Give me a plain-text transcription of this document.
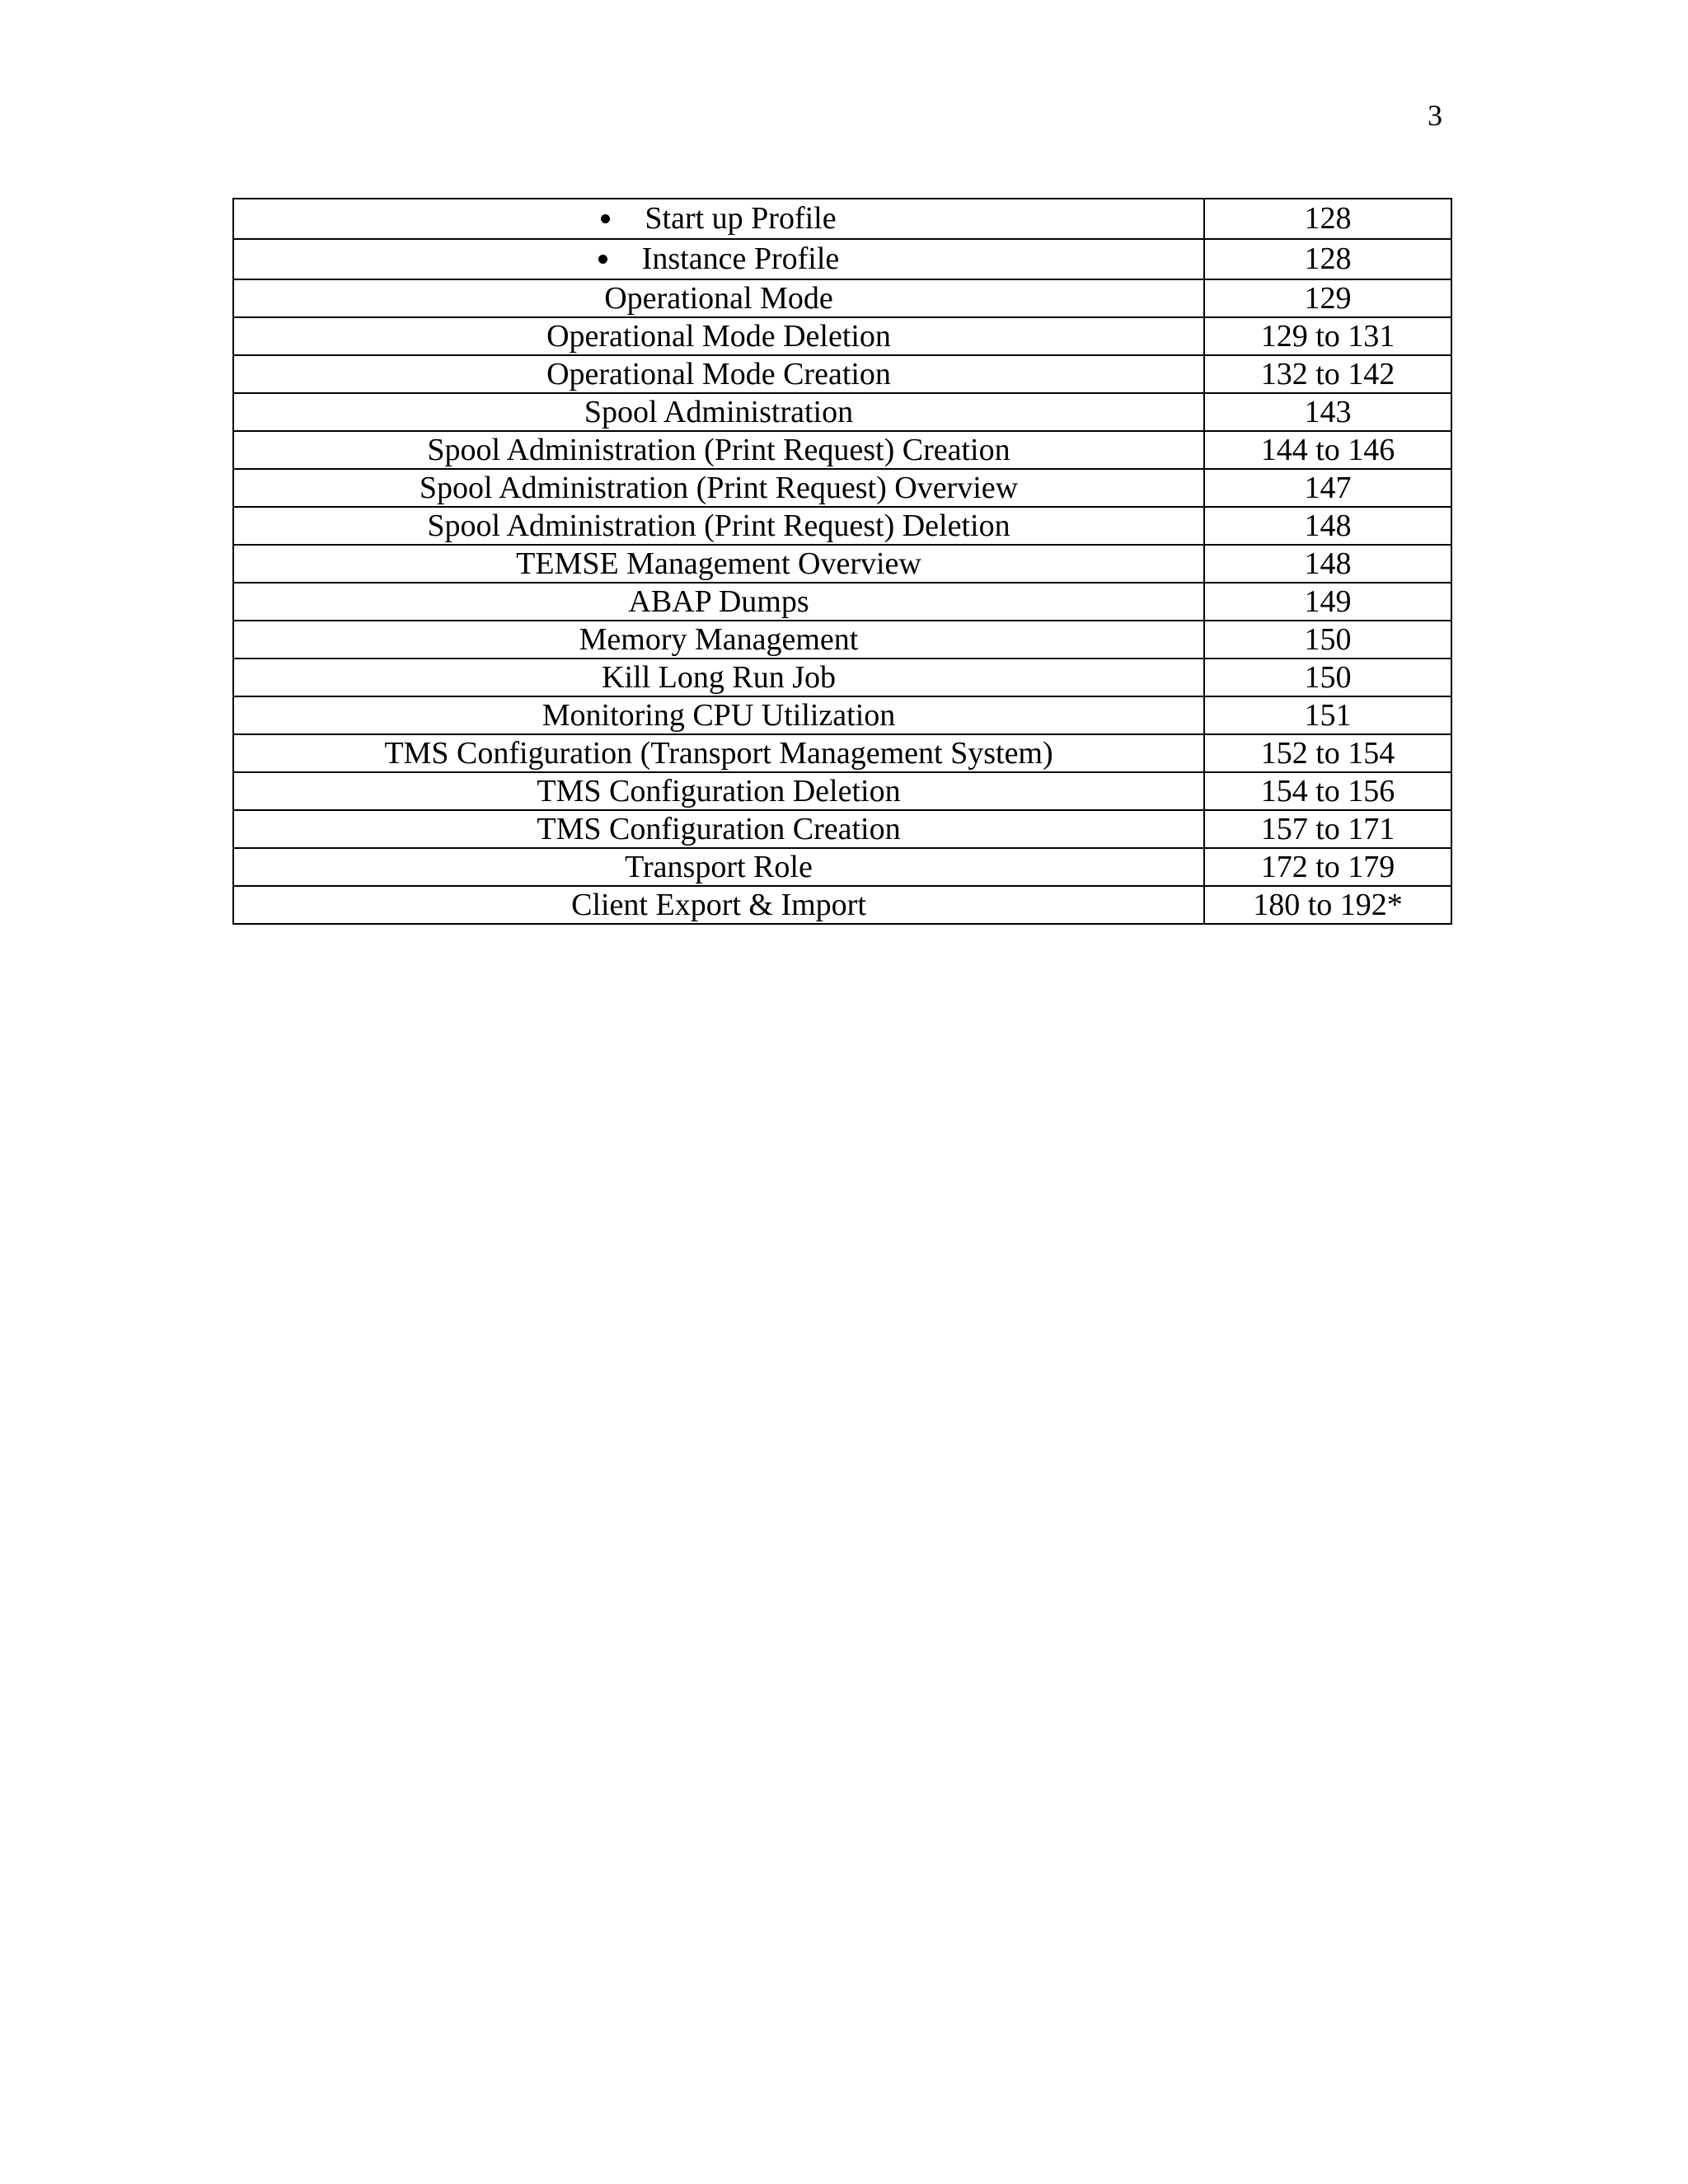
3
Start up Profile	128
Instance Profile	128
Operational Mode	129
Operational Mode Deletion	129 to 131
Operational Mode Creation	132 to 142
Spool Administration	143
Spool Administration (Print Request) Creation	144 to 146
Spool Administration (Print Request) Overview	147
Spool Administration (Print Request) Deletion	148
TEMSE Management Overview	148
ABAP Dumps	149
Memory Management	150
Kill Long Run Job	150
Monitoring CPU Utilization	151
TMS Configuration (Transport Management System)	152 to 154
TMS Configuration Deletion	154 to 156
TMS Configuration Creation	157 to 171
Transport Role	172 to 179
Client Export & Import	180 to 192*
